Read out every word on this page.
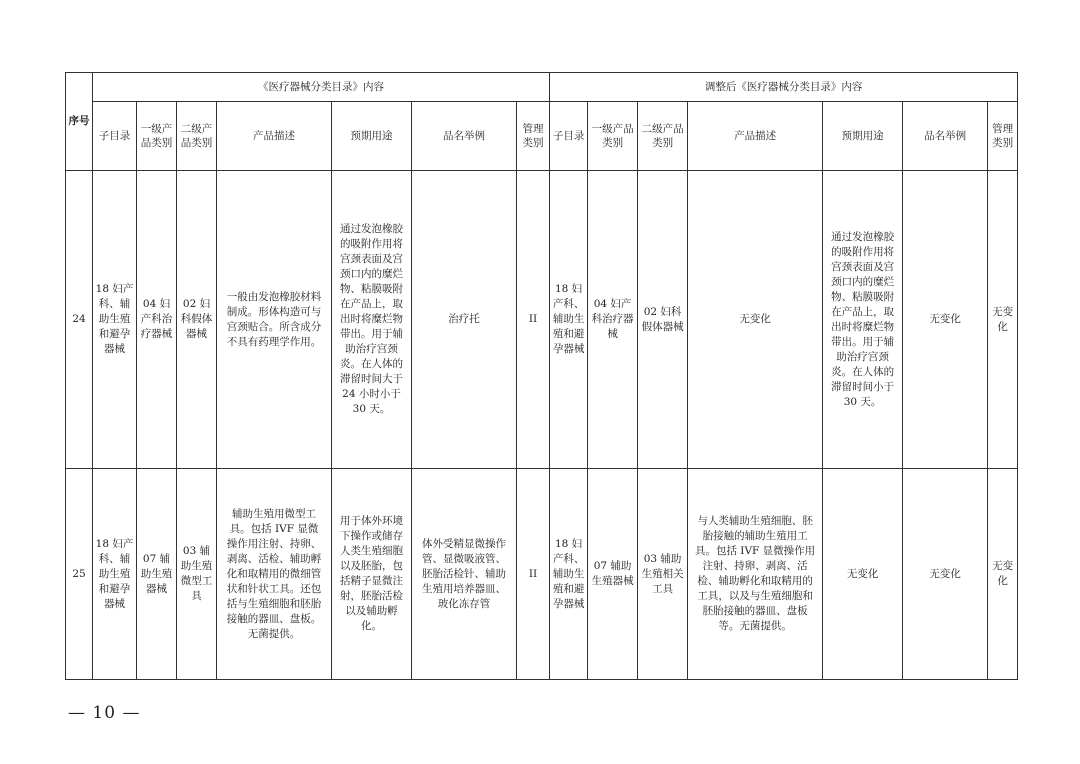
序号	《医疗器械分类目录》内容							调整后《医疗器械分类目录》内容						
	子目录	一级产品类别	二级产品类别	产品描述	预期用途	品名举例	管理类别	子目录	一级产品类别	二级产品类别	产品描述	预期用途	品名举例	管理类别
24	18 妇产科、辅助生殖和避孕器械	04 妇产科治疗器械	02 妇科假体器械	一般由发泡橡胶材料制成。形体构造可与宫颈贴合。所含成分不具有药理学作用。	通过发泡橡胶的吸附作用将宫颈表面及宫颈口内的糜烂物、粘膜吸附在产品上，取出时将糜烂物带出。用于辅助治疗宫颈炎。在人体的滞留时间大于 24 小时小于 30 天。	治疗托	II	18 妇产科、辅助生殖和避孕器械	04 妇产科治疗器械	02 妇科假体器械	无变化	通过发泡橡胶的吸附作用将宫颈表面及宫颈口内的糜烂物、粘膜吸附在产品上，取出时将糜烂物带出。用于辅助治疗宫颈炎。在人体的滞留时间小于 30 天。	无变化	无变化
25	18 妇产科、辅助生殖和避孕器械	07 辅助生殖器械	03 辅助生殖微型工具	辅助生殖用微型工具。包括 IVF 显微操作用注射、持卵、剥离、活检、辅助孵化和取精用的微细管状和针状工具。还包括与生殖细胞和胚胎接触的器皿、盘板。无菌提供。	用于体外环境下操作或储存人类生殖细胞以及胚胎，包括精子显微注射，胚胎活检以及辅助孵化。	体外受精显微操作管、显微吸液管、胚胎活检针、辅助生殖用培养器皿、玻化冻存管	II	18 妇产科、辅助生殖和避孕器械	07 辅助生殖器械	03 辅助生殖相关工具	与人类辅助生殖细胞、胚胎接触的辅助生殖用工具。包括 IVF 显微操作用注射、持卵、剥离、活检、辅助孵化和取精用的工具，以及与生殖细胞和胚胎接触的器皿、盘板等。无菌提供。	无变化	无变化	无变化
— 10 —
